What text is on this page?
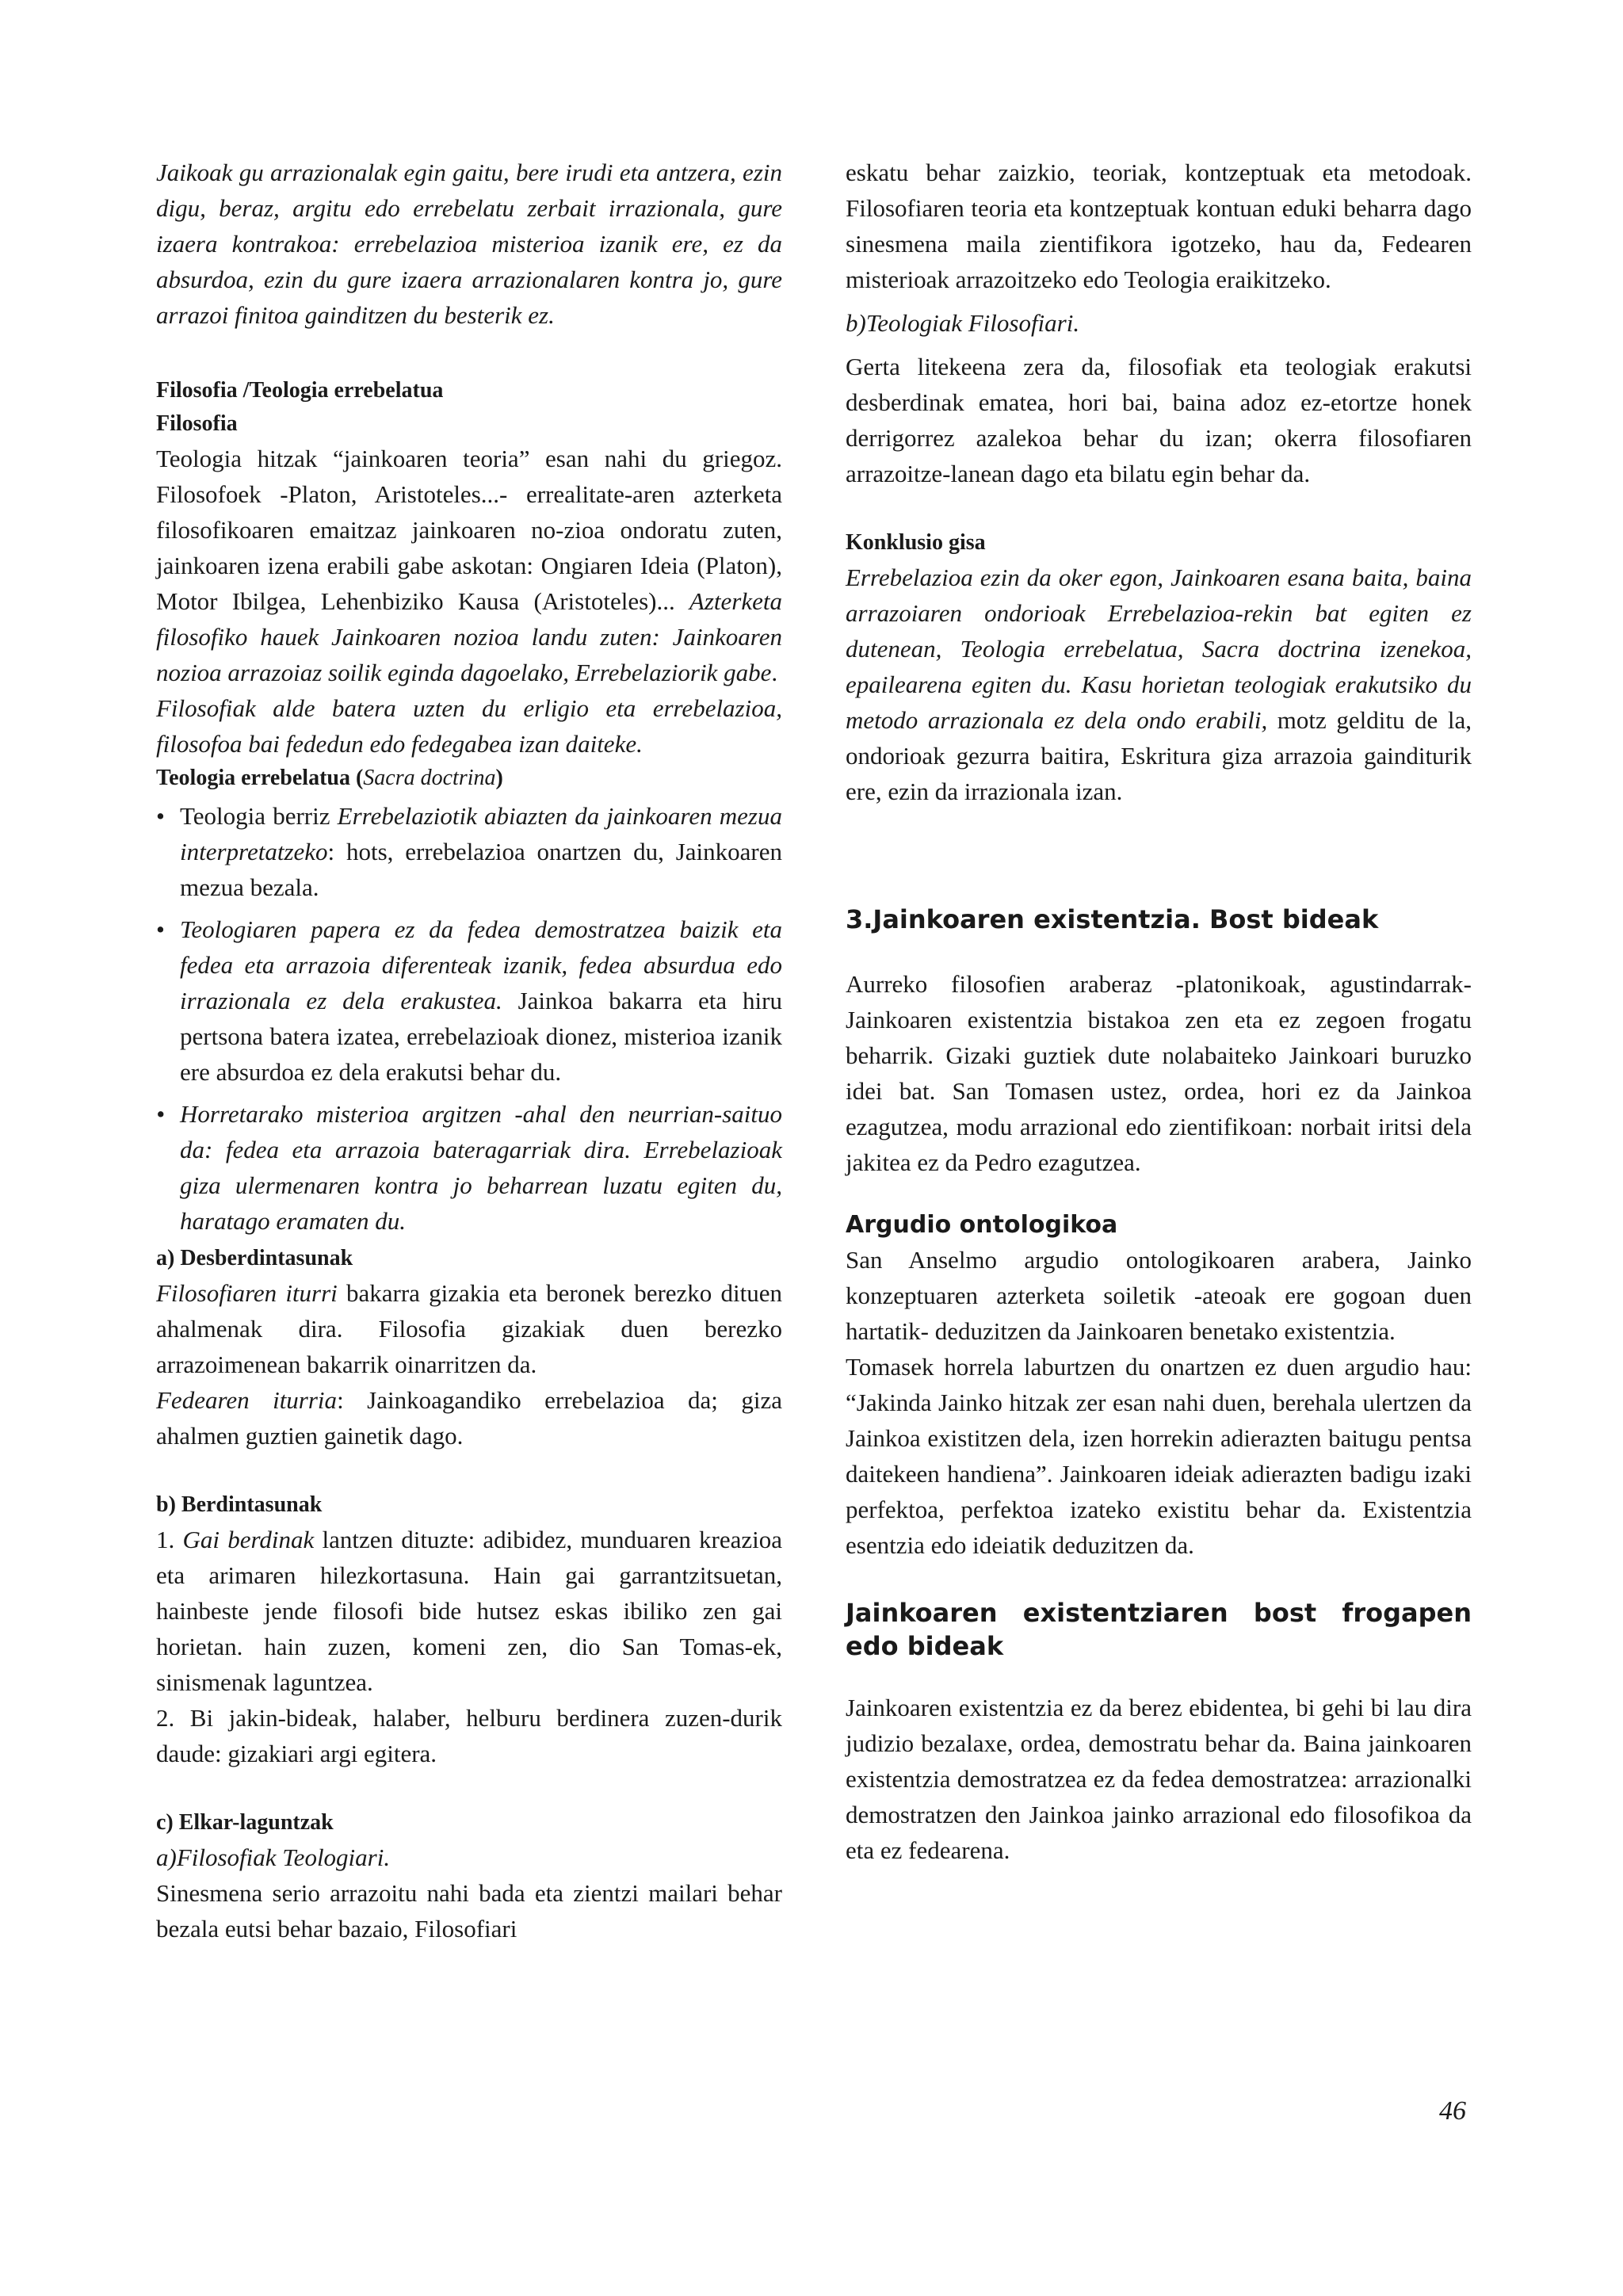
Jaikoak gu arrazionalak egin gaitu, bere irudi eta antzera, ezin digu, beraz, argitu edo errebelatu zerbait irrazionala, gure izaera kontrakoa: errebelazioa misterioa izanik ere, ez da absurdoa, ezin du gure izaera arrazionalaren kontra jo, gure arrazoi finitoa gainditzen du besterik ez.

Filosofia /Teologia errebelatua
Filosofia

Teologia hitzak “jainkoaren teoria” esan nahi du griegoz. Filosofoek -Platon, Aristoteles...- errealitate-aren azterketa filosofikoaren emaitzaz jainkoaren no-zioa ondoratu zuten, jainkoaren izena erabili gabe askotan: Ongiaren Ideia (Platon), Motor Ibilgea, Lehenbiziko Kausa (Aristoteles)... Azterketa filosofiko hauek Jainkoaren nozioa landu zuten: Jainkoaren nozioa arrazoiaz soilik eginda dagoelako, Errebelaziorik gabe.

Filosofiak alde batera uzten du erligio eta errebelazioa, filosofoa bai fededun edo fedegabea izan daiteke.

Teologia errebelatua (Sacra doctrina)
• Teologia berriz Errebelaziotik abiazten da jainkoaren mezua interpretatzeko: hots, errebelazioa onartzen du, Jainkoaren mezua bezala.
• Teologiaren papera ez da fedea demostratzea baizik eta fedea eta arrazoia diferenteak izanik, fedea absurdua edo irrazionala ez dela erakustea. Jainkoa bakarra eta hiru pertsona batera izatea, errebelazioak dionez, misterioa izanik ere absurdoa ez dela erakutsi behar du.
• Horretarako misterioa argitzen -ahal den neurrian-saituo da: fedea eta arrazoia bateragarriak dira. Errebelazioak giza ulermenaren kontra jo beharrean luzatu egiten du, haratago eramaten du.
a) Desberdintasunak

Filosofiaren iturri bakarra gizakia eta beronek berezko dituen ahalmenak dira. Filosofia gizakiak duen berezko arrazoimenean bakarrik oinarritzen da.

Fedearen iturria: Jainkoagandiko errebelazioa da; giza ahalmen guztien gainetik dago.

b) Berdintasunak

1. Gai berdinak lantzen dituzte: adibidez, munduaren kreazioa eta arimaren hilezkortasuna. Hain gai garrantzitsuetan, hainbeste jende filosofi bide hutsez eskas ibiliko zen gai horietan. hain zuzen, komeni zen, dio San Tomas-ek, sinismenak laguntzea.

2. Bi jakin-bideak, halaber, helburu berdinera zuzen-durik daude: gizakiari argi egitera.

c) Elkar-laguntzak

a)Filosofiak Teologiari.

Sinesmena serio arrazoitu nahi bada eta zientzi mailari behar bezala eutsi behar bazaio, Filosofiari

eskatu behar zaizkio, teoriak, kontzeptuak eta metodoak. Filosofiaren teoria eta kontzeptuak kontuan eduki beharra dago sinesmena maila zientifikora igotzeko, hau da, Fedearen misterioak arrazoitzeko edo Teologia eraikitzeko.

b)Teologiak Filosofiari.

Gerta litekeena zera da, filosofiak eta teologiak erakutsi desberdinak ematea, hori bai, baina adoz ez-etortze honek derrigorrez azalekoa behar du izan; okerra filosofiaren arrazoitze-lanean dago eta bilatu egin behar da.

Konklusio gisa

Errebelazioa ezin da oker egon, Jainkoaren esana baita, baina arrazoiaren ondorioak Errebelazioa-rekin bat egiten ez dutenean, Teologia errebelatua, Sacra doctrina izenekoa, epailearena egiten du. Kasu horietan teologiak erakutsiko du metodo arrazionala ez dela ondo erabili, motz gelditu de la, ondorioak gezurra baitira, Eskritura giza arrazoia gainditurik ere, ezin da irrazionala izan.

3.Jainkoaren existentzia. Bost bideak

Aurreko filosofien araberaz -platonikoak, agustindarrak- Jainkoaren existentzia bistakoa zen eta ez zegoen frogatu beharrik. Gizaki guztiek dute nolabaiteko Jainkoari buruzko idei bat. San Tomasen ustez, ordea, hori ez da Jainkoa ezagutzea, modu arrazional edo zientifikoan: norbait iritsi dela jakitea ez da Pedro ezagutzea.

Argudio ontologikoa

San Anselmo argudio ontologikoaren arabera, Jainko konzeptuaren azterketa soiletik -ateoak ere gogoan duen hartatik- deduzitzen da Jainkoaren benetako existentzia.

Tomasek horrela laburtzen du onartzen ez duen argudio hau: “Jakinda Jainko hitzak zer esan nahi duen, berehala ulertzen da Jainkoa existitzen dela, izen horrekin adierazten baitugu pentsa daitekeen handiena”. Jainkoaren ideiak adierazten badigu izaki perfektoa, perfektoa izateko existitu behar da. Existentzia esentzia edo ideiatik deduzitzen da.

Jainkoaren existentziaren bost frogapen edo bideak

Jainkoaren existentzia ez da berez ebidentea, bi gehi bi lau dira judizio bezalaxe, ordea, demostratu behar da. Baina jainkoaren existentzia demostratzea ez da fedea demostratzea: arrazionalki demostratzen den Jainkoa jainko arrazional edo filosofikoa da eta ez fedearena.

46
